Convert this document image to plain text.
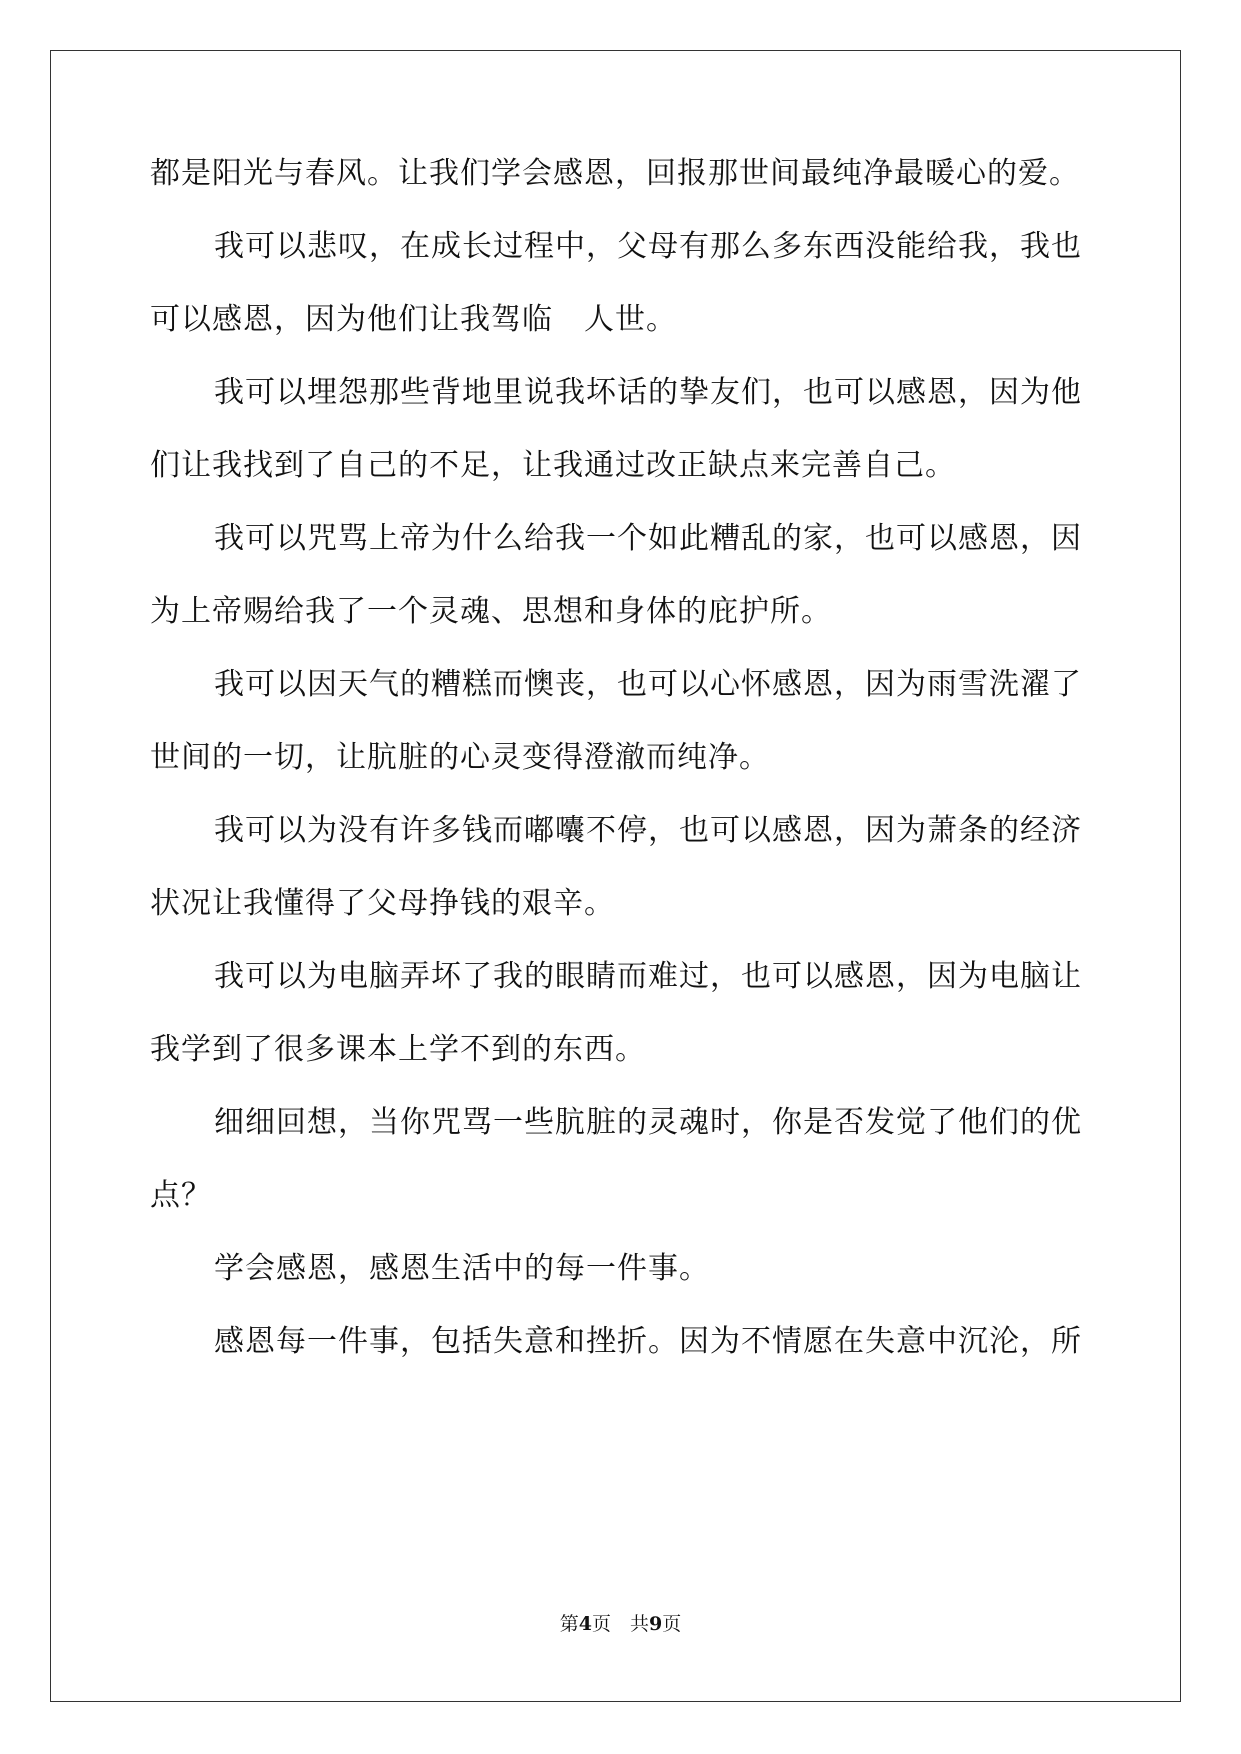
都是阳光与春风。让我们学会感恩，回报那世间最纯净最暖心的爱。
我可以悲叹，在成长过程中，父母有那么多东西没能给我，我也
可以感恩，因为他们让我驾临　人世。
我可以埋怨那些背地里说我坏话的挚友们，也可以感恩，因为他
们让我找到了自己的不足，让我通过改正缺点来完善自己。
我可以咒骂上帝为什么给我一个如此糟乱的家，也可以感恩，因
为上帝赐给我了一个灵魂、思想和身体的庇护所。
我可以因天气的糟糕而懊丧，也可以心怀感恩，因为雨雪洗濯了
世间的一切，让肮脏的心灵变得澄澈而纯净。
我可以为没有许多钱而嘟囔不停，也可以感恩，因为萧条的经济
状况让我懂得了父母挣钱的艰辛。
我可以为电脑弄坏了我的眼睛而难过，也可以感恩，因为电脑让
我学到了很多课本上学不到的东西。
细细回想，当你咒骂一些肮脏的灵魂时，你是否发觉了他们的优
点？
学会感恩，感恩生活中的每一件事。
感恩每一件事，包括失意和挫折。因为不情愿在失意中沉沦，所
第4页　共9页
